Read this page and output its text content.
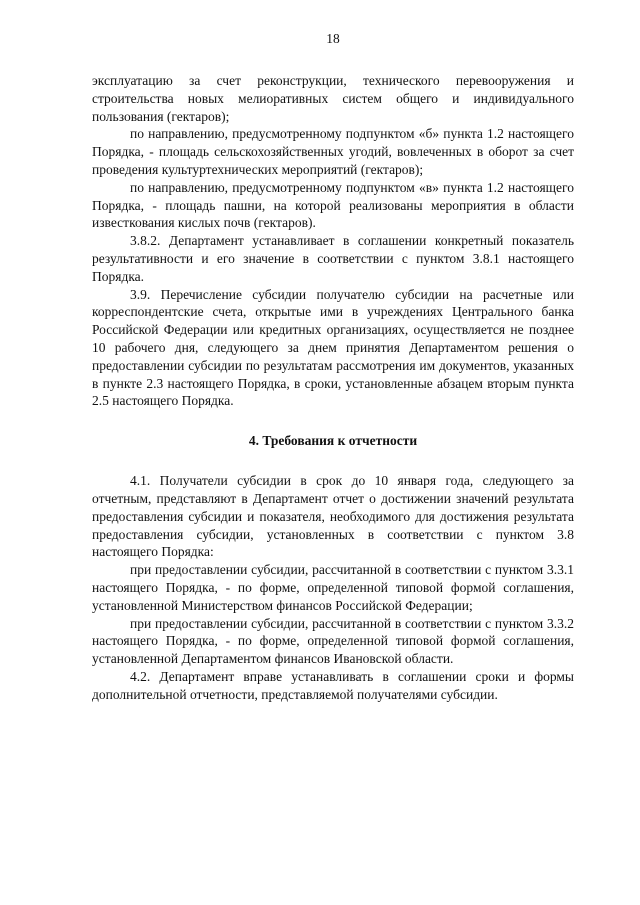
18

эксплуатацию за счет реконструкции, технического перевооружения и строительства новых мелиоративных систем общего и индивидуального пользования (гектаров);

по направлению, предусмотренному подпунктом «б» пункта 1.2 настоящего Порядка, - площадь сельскохозяйственных угодий, вовлеченных в оборот за счет проведения культуртехнических мероприятий (гектаров);

по направлению, предусмотренному подпунктом «в» пункта 1.2 настоящего Порядка, - площадь пашни, на которой реализованы мероприятия в области известкования кислых почв (гектаров).

3.8.2. Департамент устанавливает в соглашении конкретный показатель результативности и его значение в соответствии с пунктом 3.8.1 настоящего Порядка.

3.9. Перечисление субсидии получателю субсидии на расчетные или корреспондентские счета, открытые ими в учреждениях Центрального банка Российской Федерации или кредитных организациях, осуществляется не позднее 10 рабочего дня, следующего за днем принятия Департаментом решения о предоставлении субсидии по результатам рассмотрения им документов, указанных в пункте 2.3 настоящего Порядка, в сроки, установленные абзацем вторым пункта 2.5 настоящего Порядка.

4. Требования к отчетности

4.1. Получатели субсидии в срок до 10 января года, следующего за отчетным, представляют в Департамент отчет о достижении значений результата предоставления субсидии и показателя, необходимого для достижения результата предоставления субсидии, установленных в соответствии с пунктом 3.8 настоящего Порядка:

при предоставлении субсидии, рассчитанной в соответствии с пунктом 3.3.1 настоящего Порядка, - по форме, определенной типовой формой соглашения, установленной Министерством финансов Российской Федерации;

при предоставлении субсидии, рассчитанной в соответствии с пунктом 3.3.2 настоящего Порядка, - по форме, определенной типовой формой соглашения, установленной Департаментом финансов Ивановской области.

4.2. Департамент вправе устанавливать в соглашении сроки и формы дополнительной отчетности, представляемой получателями субсидии.
